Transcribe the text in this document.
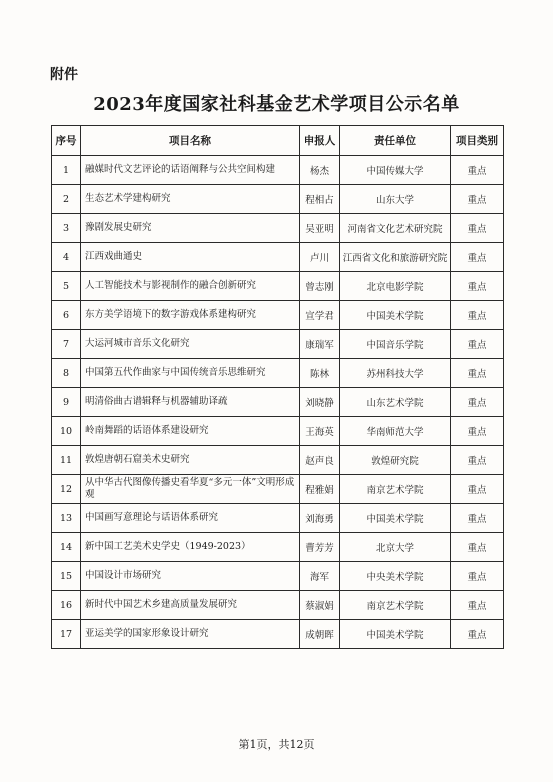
附件
2023年度国家社科基金艺术学项目公示名单
序号	项目名称	申报人	责任单位	项目类别
1	融媒时代文艺评论的话语阐释与公共空间构建	杨杰	中国传媒大学	重点
2	生态艺术学建构研究	程相占	山东大学	重点
3	豫剧发展史研究	吴亚明	河南省文化艺术研究院	重点
4	江西戏曲通史	卢川	江西省文化和旅游研究院	重点
5	人工智能技术与影视制作的融合创新研究	曾志刚	北京电影学院	重点
6	东方美学语境下的数字游戏体系建构研究	宣学君	中国美术学院	重点
7	大运河城市音乐文化研究	康瑞军	中国音乐学院	重点
8	中国第五代作曲家与中国传统音乐思维研究	陈林	苏州科技大学	重点
9	明清俗曲古谱辑释与机器辅助译疏	刘晓静	山东艺术学院	重点
10	岭南舞蹈的话语体系建设研究	王海英	华南师范大学	重点
11	敦煌唐朝石窟美术史研究	赵声良	敦煌研究院	重点
12	从中华古代图像传播史看华夏“多元一体”文明形成观	程雅娟	南京艺术学院	重点
13	中国画写意理论与话语体系研究	刘海勇	中国美术学院	重点
14	新中国工艺美术史学史（1949-2023）	曹芳芳	北京大学	重点
15	中国设计市场研究	海军	中央美术学院	重点
16	新时代中国艺术乡建高质量发展研究	蔡淑娟	南京艺术学院	重点
17	亚运美学的国家形象设计研究	成朝晖	中国美术学院	重点
第1页，共12页
